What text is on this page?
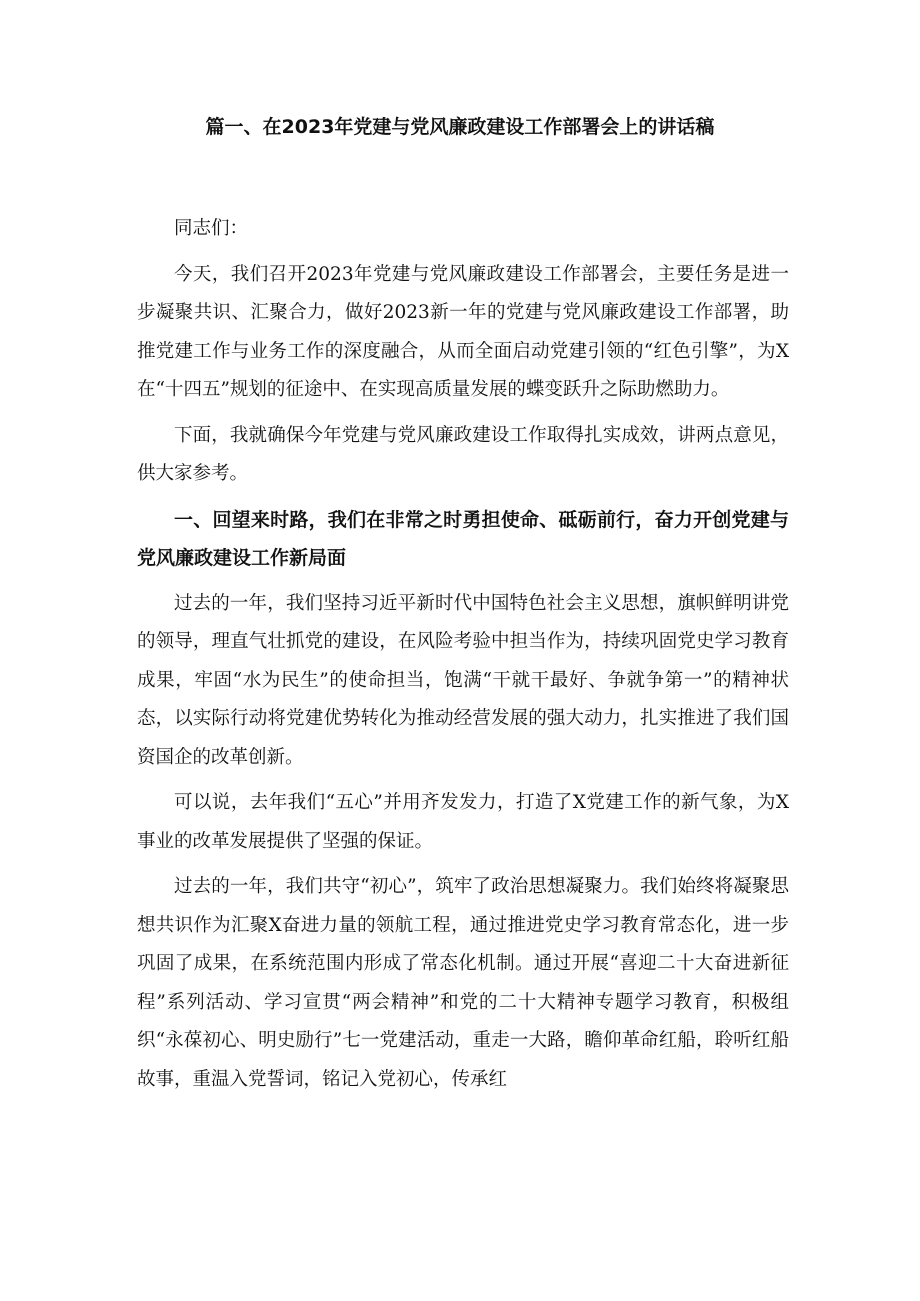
篇一、在2023年党建与党风廉政建设工作部署会上的讲话稿

同志们：

今天，我们召开2023年党建与党风廉政建设工作部署会，主要任务是进一步凝聚共识、汇聚合力，做好2023新一年的党建与党风廉政建设工作部署，助推党建工作与业务工作的深度融合，从而全面启动党建引领的“红色引擎”，为X在“十四五”规划的征途中、在实现高质量发展的蝶变跃升之际助燃助力。

下面，我就确保今年党建与党风廉政建设工作取得扎实成效，讲两点意见，供大家参考。

一、回望来时路，我们在非常之时勇担使命、砥砺前行，奋力开创党建与党风廉政建设工作新局面

过去的一年，我们坚持习近平新时代中国特色社会主义思想，旗帜鲜明讲党的领导，理直气壮抓党的建设，在风险考验中担当作为，持续巩固党史学习教育成果，牢固“水为民生”的使命担当，饱满“干就干最好、争就争第一”的精神状态，以实际行动将党建优势转化为推动经营发展的强大动力，扎实推进了我们国资国企的改革创新。

可以说，去年我们“五心”并用齐发发力，打造了X党建工作的新气象，为X事业的改革发展提供了坚强的保证。

过去的一年，我们共守“初心”，筑牢了政治思想凝聚力。我们始终将凝聚思想共识作为汇聚X奋进力量的领航工程，通过推进党史学习教育常态化，进一步巩固了成果，在系统范围内形成了常态化机制。通过开展“喜迎二十大奋进新征程”系列活动、学习宣贯“两会精神”和党的二十大精神专题学习教育，积极组织“永葆初心、明史励行”七一党建活动，重走一大路，瞻仰革命红船，聆听红船故事，重温入党誓词，铭记入党初心，传承红
